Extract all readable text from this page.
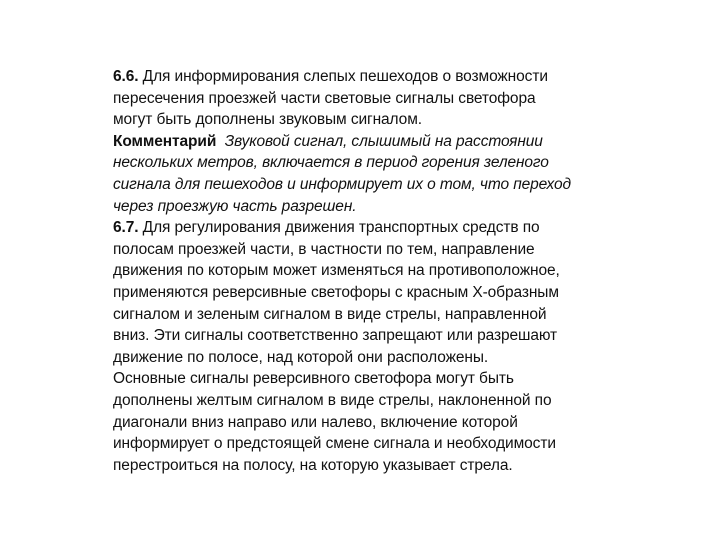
6.6. Для информирования слепых пешеходов о возможности
пересечения проезжей части световые сигналы светофора
могут быть дополнены звуковым сигналом.
Комментарий  Звуковой сигнал, слышимый на расстоянии
нескольких метров, включается в период горения зеленого
сигнала для пешеходов и информирует их о том, что переход
через проезжую часть разрешен.
6.7. Для регулирования движения транспортных средств по
полосам проезжей части, в частности по тем, направление
движения по которым может изменяться на противоположное,
применяются реверсивные светофоры с красным X-образным
сигналом и зеленым сигналом в виде стрелы, направленной
вниз. Эти сигналы соответственно запрещают или разрешают
движение по полосе, над которой они расположены.
Основные сигналы реверсивного светофора могут быть
дополнены желтым сигналом в виде стрелы, наклоненной по
диагонали вниз направо или налево, включение которой
информирует о предстоящей смене сигнала и необходимости
перестроиться на полосу, на которую указывает стрела.
